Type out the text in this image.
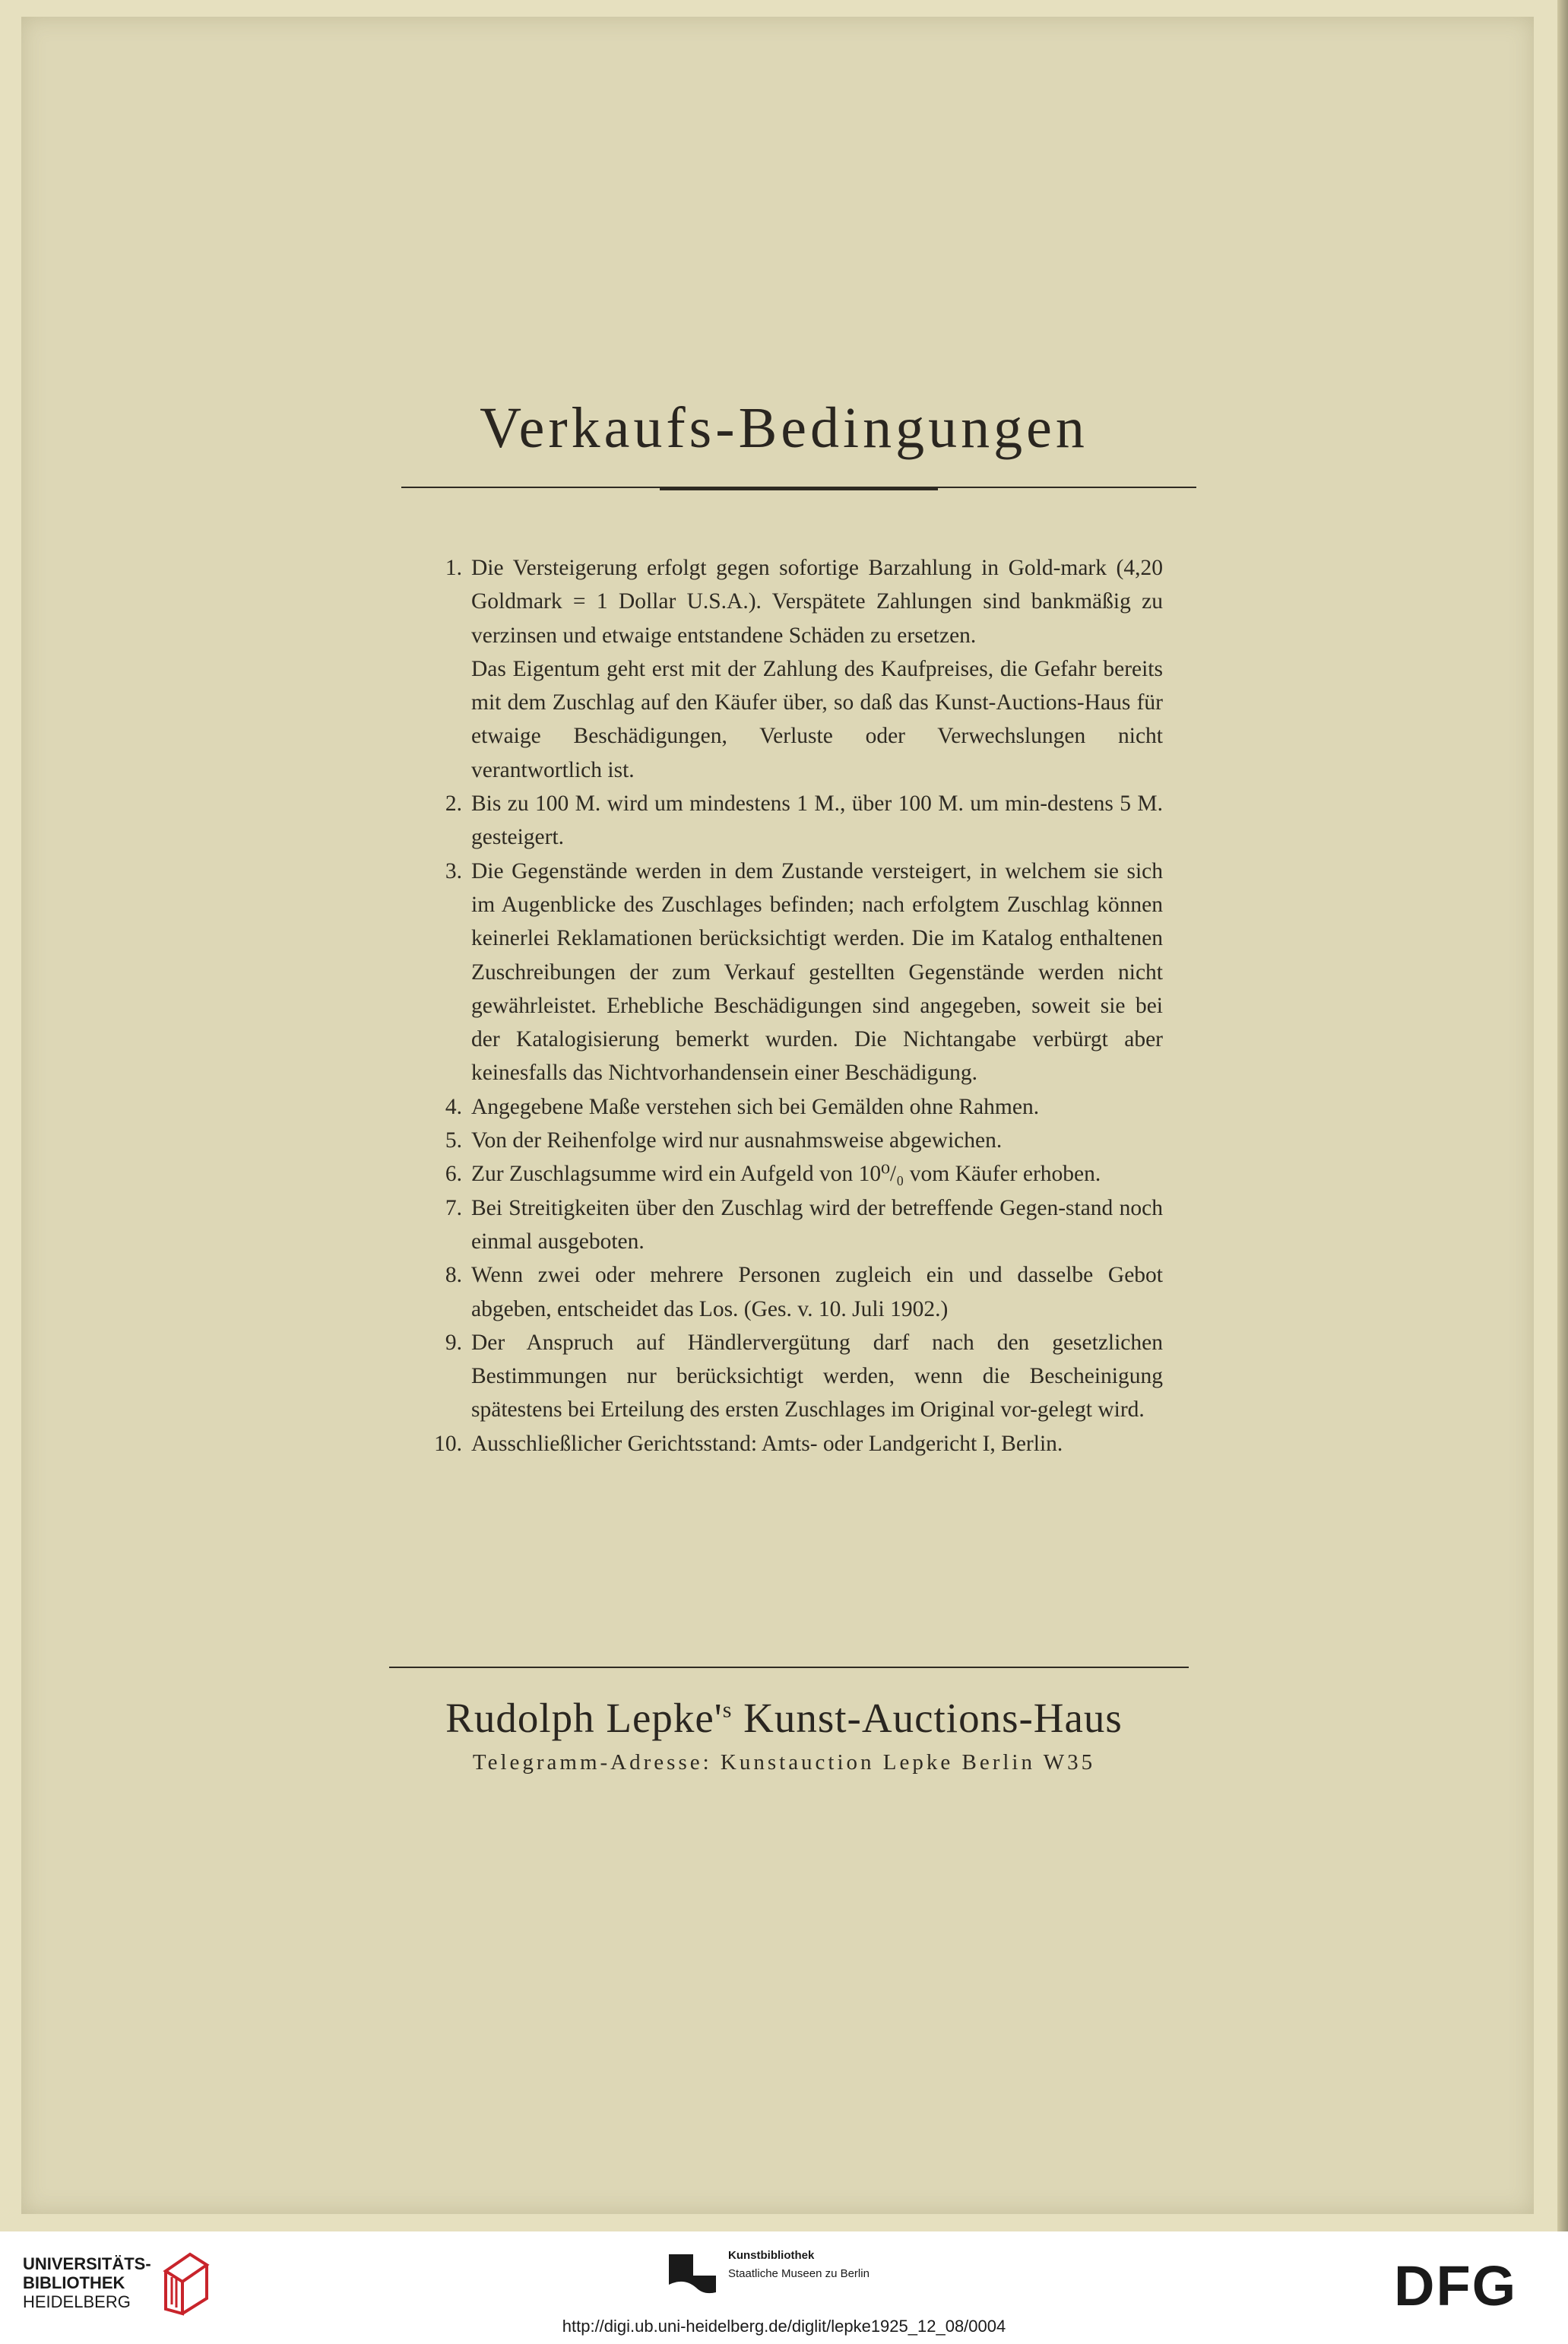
Verkaufs-Bedingungen
1. Die Versteigerung erfolgt gegen sofortige Barzahlung in Gold-mark (4,20 Goldmark = 1 Dollar U.S.A.). Verspätete Zahlungen sind bankmäßig zu verzinsen und etwaige entstandene Schäden zu ersetzen.
Das Eigentum geht erst mit der Zahlung des Kaufpreises, die Gefahr bereits mit dem Zuschlag auf den Käufer über, so daß das Kunst-Auctions-Haus für etwaige Beschädigungen, Verluste oder Verwechslungen nicht verantwortlich ist.
2. Bis zu 100 M. wird um mindestens 1 M., über 100 M. um min-destens 5 M. gesteigert.
3. Die Gegenstände werden in dem Zustande versteigert, in welchem sie sich im Augenblicke des Zuschlages befinden; nach erfolgtem Zuschlag können keinerlei Reklamationen berücksichtigt werden. Die im Katalog enthaltenen Zuschreibungen der zum Verkauf gestellten Gegenstände werden nicht gewährleistet. Erhebliche Beschädigungen sind angegeben, soweit sie bei der Katalogisierung bemerkt wurden. Die Nichtangabe verbürgt aber keinesfalls das Nichtvorhandensein einer Beschädigung.
4. Angegebene Maße verstehen sich bei Gemälden ohne Rahmen.
5. Von der Reihenfolge wird nur ausnahmsweise abgewichen.
6. Zur Zuschlagsumme wird ein Aufgeld von 10⁰/₀ vom Käufer erhoben.
7. Bei Streitigkeiten über den Zuschlag wird der betreffende Gegen-stand noch einmal ausgeboten.
8. Wenn zwei oder mehrere Personen zugleich ein und dasselbe Gebot abgeben, entscheidet das Los. (Ges. v. 10. Juli 1902.)
9. Der Anspruch auf Händlervergütung darf nach den gesetzlichen Bestimmungen nur berücksichtigt werden, wenn die Bescheinigung spätestens bei Erteilung des ersten Zuschlages im Original vor-gelegt wird.
10. Ausschließlicher Gerichtsstand: Amts- oder Landgericht I, Berlin.
Rudolph $Lepke'^s$ Kunst-Auctions-Haus
Telegramm-Adresse: Kunstauction Lepke Berlin W35
UNIVERSITÄTS-
BIBLIOTHEK
HEIDELBERG
Kunstbibliothek
Staatliche Museen zu Berlin	DFG
http://digi.ub.uni-heidelberg.de/diglit/lepke1925_12_08/0004
